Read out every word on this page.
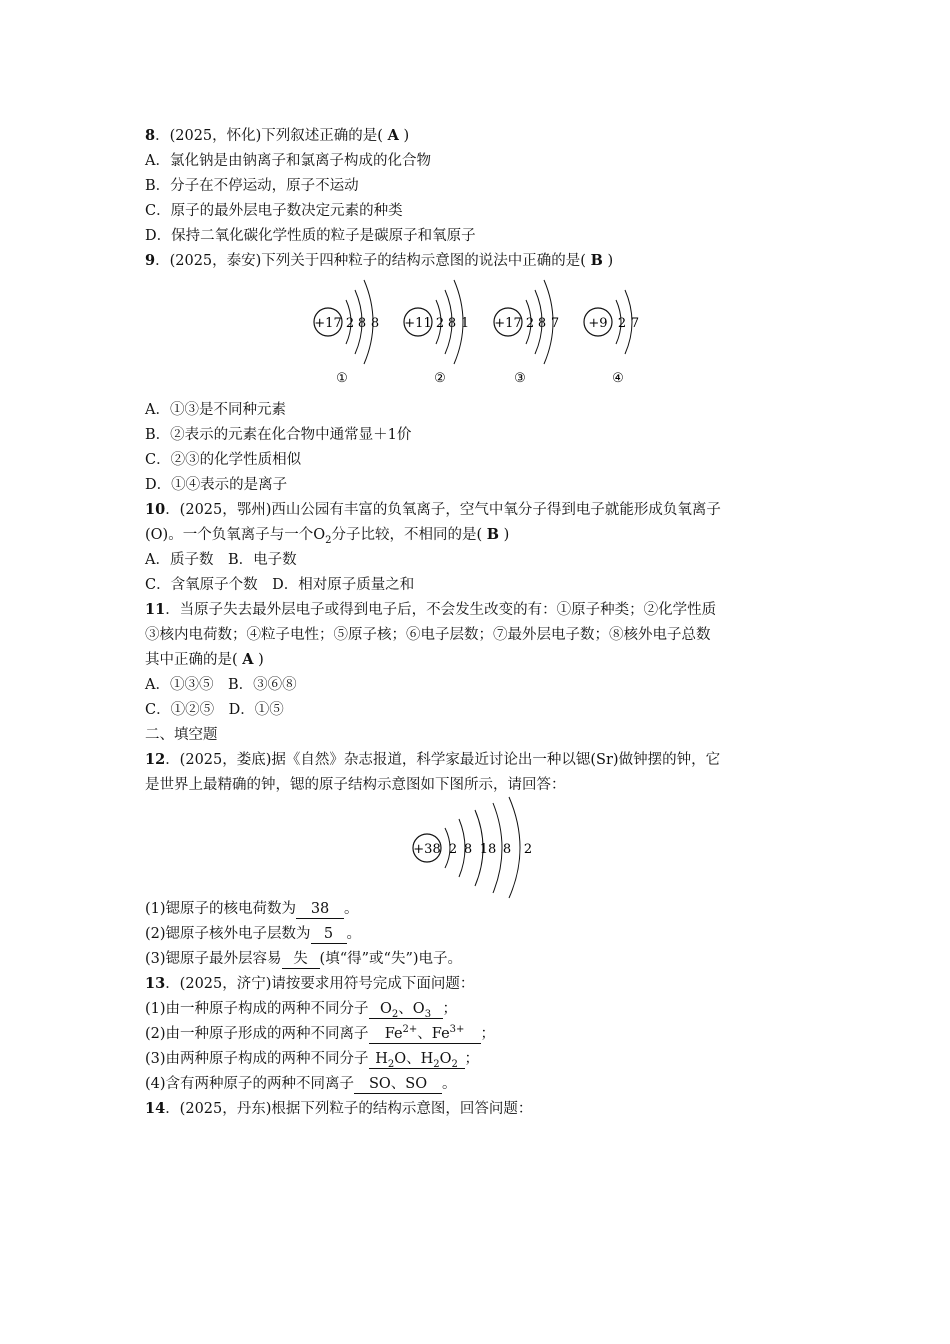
8．(2025，怀化)下列叙述正确的是( A )
A．氯化钠是由钠离子和氯离子构成的化合物
B．分子在不停运动，原子不运动
C．原子的最外层电子数决定元素的种类
D．保持二氧化碳化学性质的粒子是碳原子和氧原子
9．(2025，泰安)下列关于四种粒子的结构示意图的说法中正确的是( B )
+17 2 8 8
①
+11 2 8 1
②
+17 2 8 7
③
+9 2 7
④
A．①③是不同种元素
B．②表示的元素在化合物中通常显＋1价
C．②③的化学性质相似
D．①④表示的是离子
10．(2025，鄂州)西山公园有丰富的负氧离子，空气中氧分子得到电子就能形成负氧离子
(O)。一个负氧离子与一个$O_2$分子比较，不相同的是( B )
A．质子数　B．电子数
C．含氧原子个数　D．相对原子质量之和
11．当原子失去最外层电子或得到电子后，不会发生改变的有：①原子种类；②化学性质
③核内电荷数；④粒子电性；⑤原子核；⑥电子层数；⑦最外层电子数；⑧核外电子总数
其中正确的是( A )
A．①③⑤　B．③⑥⑧
C．①②⑤　D．①⑤
二、填空题
12．(2025，娄底)据《自然》杂志报道，科学家最近讨论出一种以锶(Sr)做钟摆的钟，它
是世界上最精确的钟，锶的原子结构示意图如下图所示，请回答：
+38 2 8 18 8 2
(1)锶原子的核电荷数为 38 。
(2)锶原子核外电子层数为 5 。
(3)锶原子最外层容易 失 (填“得”或“失”)电子。
13．(2025，济宁)请按要求用符号完成下面问题：
(1)由一种原子构成的两种不同分子 $O_2$、$O_3$ ；
(2)由一种原子形成的两种不同离子 $Fe^{2+}$、$Fe^{3+}$ ；
(3)由两种原子构成的两种不同分子 $H_2O$、$H_2O_2$ ；
(4)含有两种原子的两种不同离子 SO、SO 。
14．(2025，丹东)根据下列粒子的结构示意图，回答问题：
